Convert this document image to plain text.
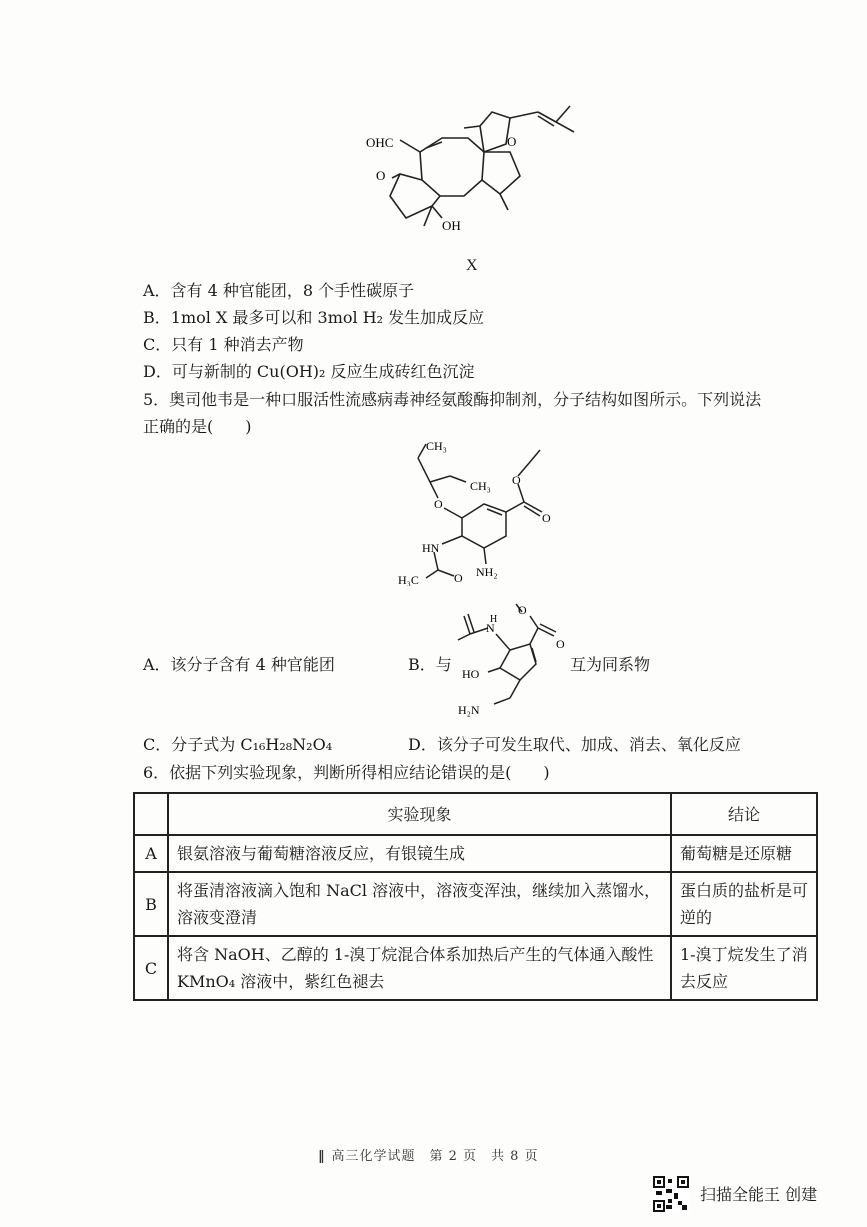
OHC
O
OH
O
X
A．含有 4 种官能团，8 个手性碳原子
B．1mol X 最多可以和 3mol H₂ 发生加成反应
C．只有 1 种消去产物
D．可与新制的 Cu(OH)₂ 反应生成砖红色沉淀
5．奥司他韦是一种口服活性流感病毒神经氨酸酶抑制剂，分子结构如图所示。下列说法
正确的是(　　)
CH₃
CH₃
O
O
O
HN
NH₂
H₃C	O
A．该分子含有 4 种官能团	B．与
N
H
O
O
HO
H₂N
互为同系物
C．分子式为 C₁₆H₂₈N₂O₄	D．该分子可发生取代、加成、消去、氧化反应
6．依据下列实验现象，判断所得相应结论错误的是(　　)
	实验现象	结论
A	银氨溶液与葡萄糖溶液反应，有银镜生成	葡萄糖是还原糖
B	将蛋清溶液滴入饱和 NaCl 溶液中，溶液变浑浊，继续加入蒸馏水，溶液变澄清	蛋白质的盐析是可逆的
C	将含 NaOH、乙醇的 1-溴丁烷混合体系加热后产生的气体通入酸性 KMnO₄ 溶液中，紫红色褪去	1-溴丁烷发生了消去反应
‖ 高三化学试题　第 2 页　共 8 页
扫描全能王 创建
